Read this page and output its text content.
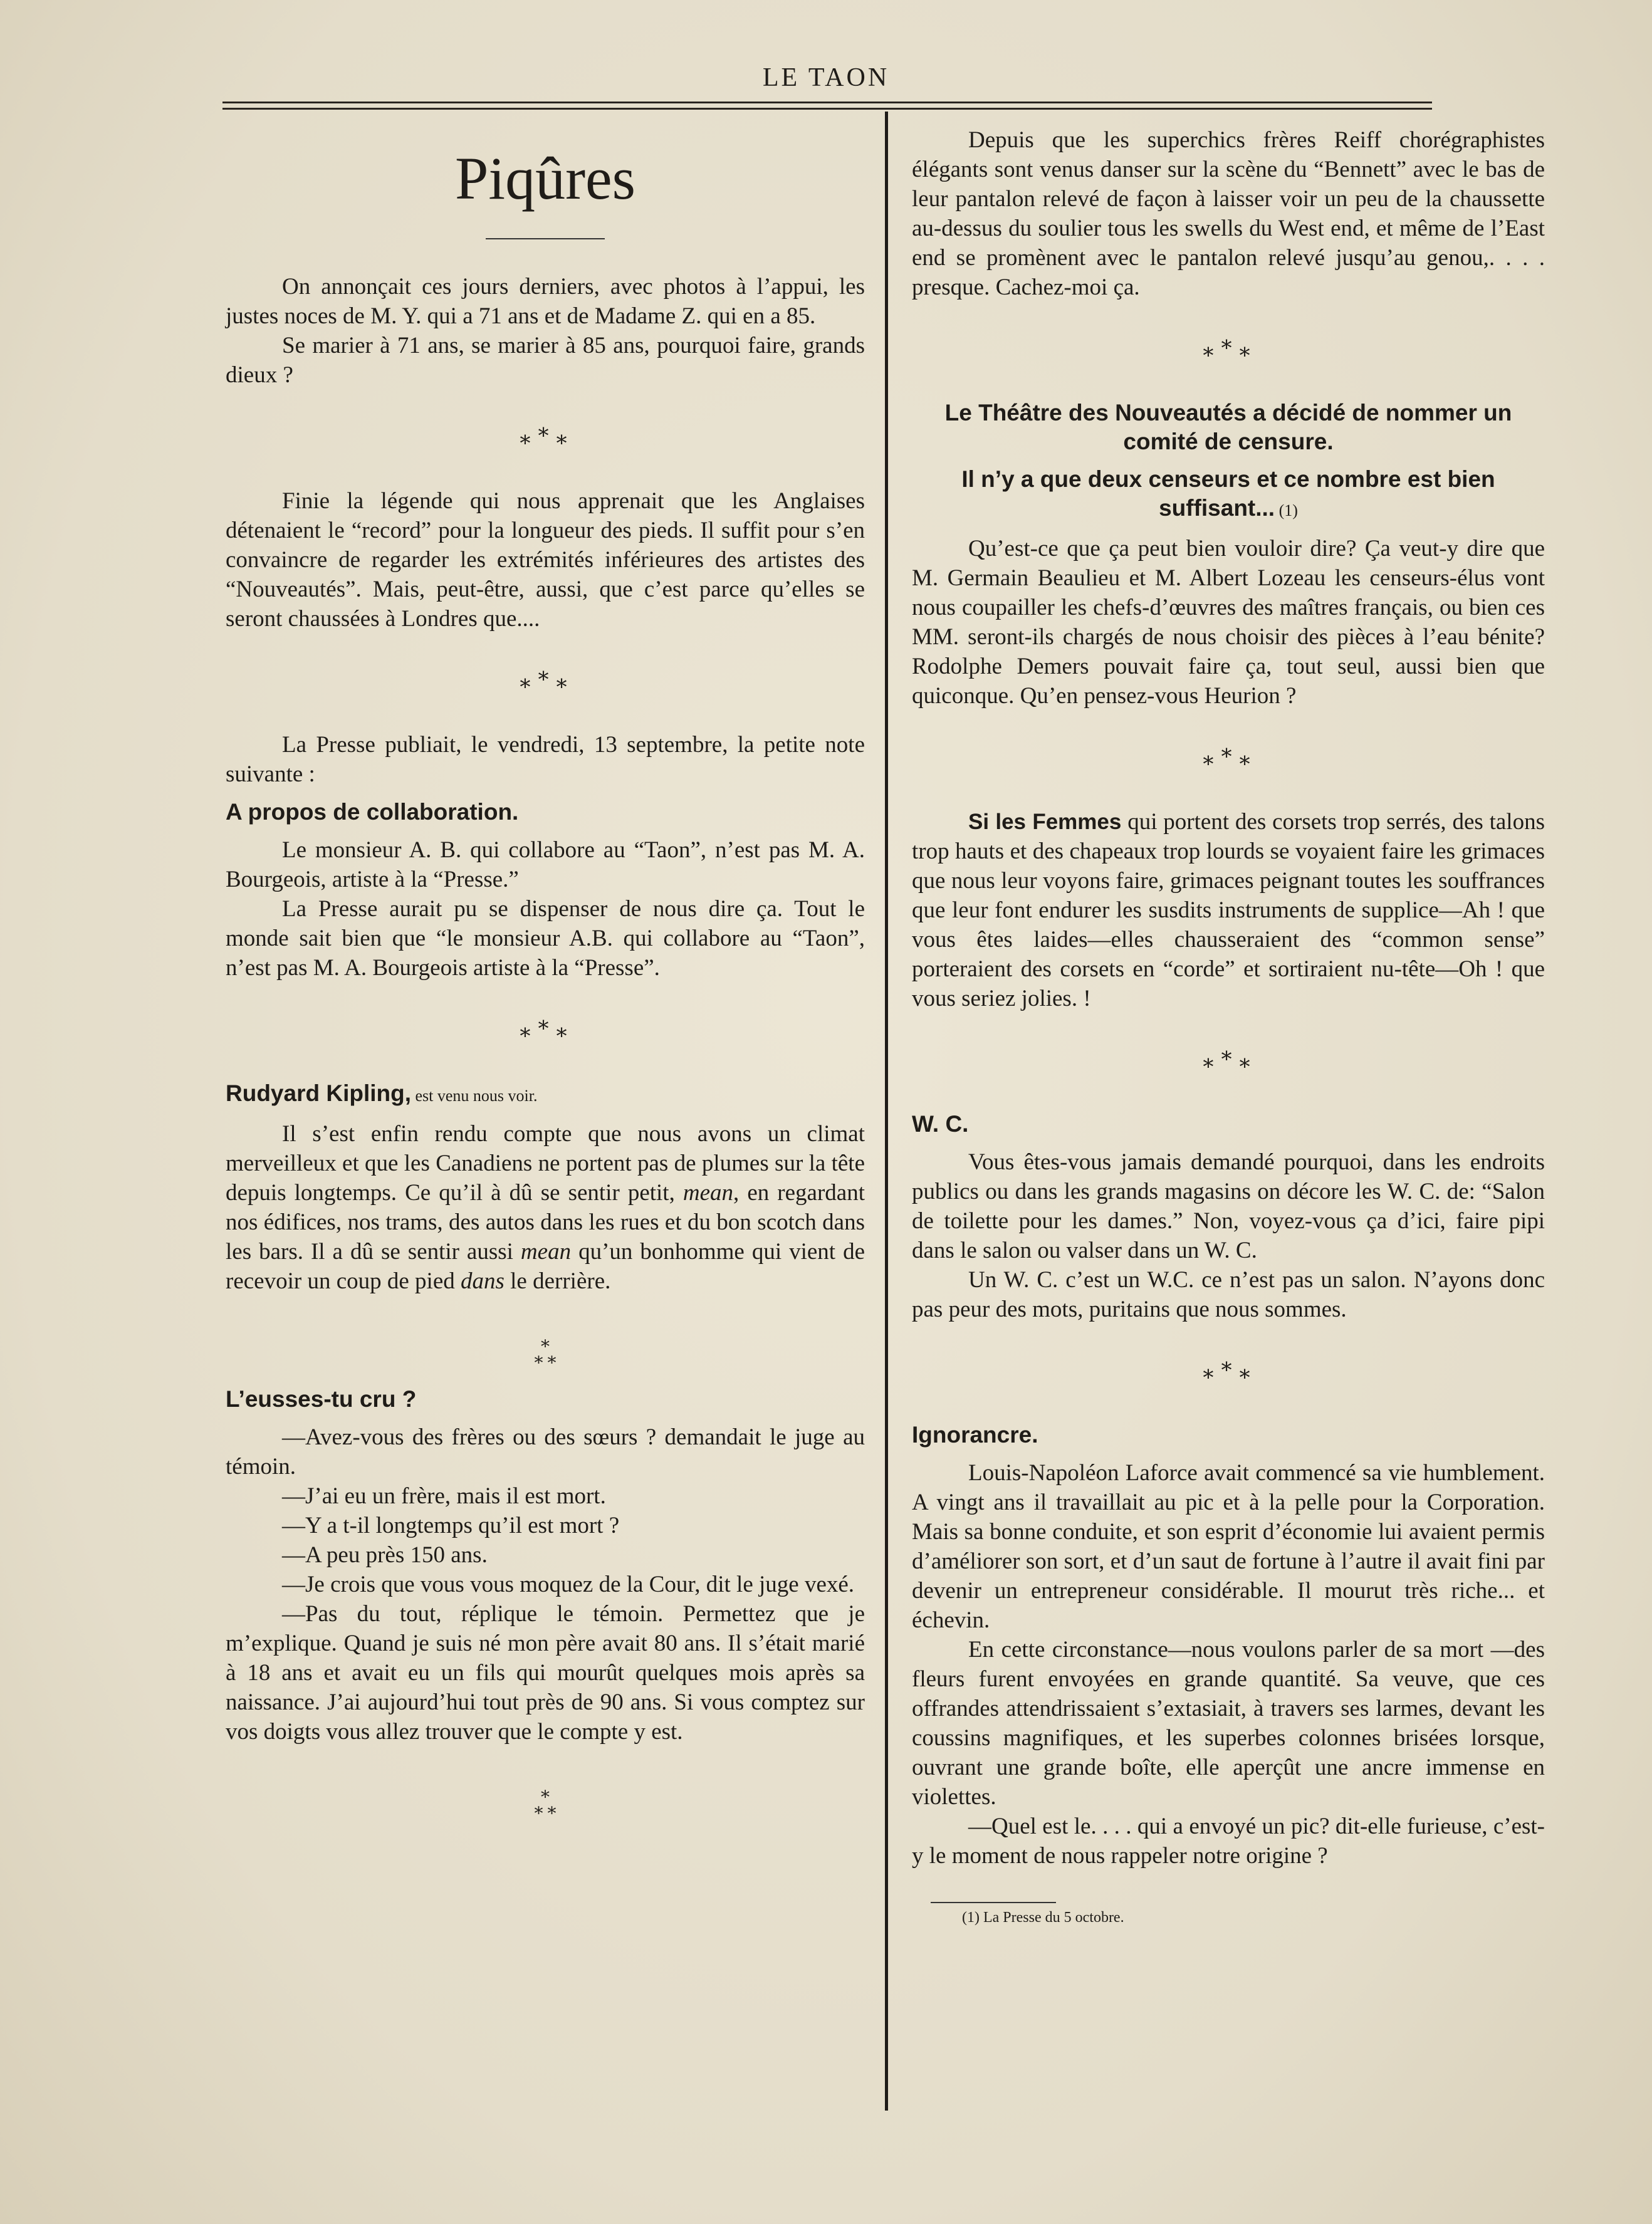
LE TAON
Piqûres

On annonçait ces jours derniers, avec photos à l’appui, les justes noces de M. Y. qui a 71 ans et de Madame Z. qui en a 85.

Se marier à 71 ans, se marier à 85 ans, pourquoi faire, grands dieux ?

∗∗∗

Finie la légende qui nous apprenait que les Anglaises détenaient le “record” pour la longueur des pieds. Il suffit pour s’en convaincre de regarder les extrémités inférieures des artistes des “Nouveautés”. Mais, peut-être, aussi, que c’est parce qu’elles se seront chaussées à Londres que....

∗∗∗

La Presse publiait, le vendredi, 13 septembre, la petite note suivante :

A propos de collaboration.

Le monsieur A. B. qui collabore au “Taon”, n’est pas M. A. Bourgeois, artiste à la “Presse.”

La Presse aurait pu se dispenser de nous dire ça. Tout le monde sait bien que “le monsieur A.B. qui collabore au “Taon”, n’est pas M. A. Bourgeois artiste à la “Presse”.

∗∗∗
Rudyard Kipling, est venu nous voir.

Il s’est enfin rendu compte que nous avons un climat merveilleux et que les Canadiens ne portent pas de plumes sur la tête depuis longtemps. Ce qu’il à dû se sentir petit, mean, en regardant nos édifices, nos trams, des autos dans les rues et du bon scotch dans les bars. Il a dû se sentir aussi mean qu’un bonhomme qui vient de recevoir un coup de pied dans le derrière.

⁎
⁎ ⁎
L’eusses-tu cru ?

—Avez-vous des frères ou des sœurs ? demandait le juge au témoin.

—J’ai eu un frère, mais il est mort.

—Y a t-il longtemps qu’il est mort ?

—A peu près 150 ans.

—Je crois que vous vous moquez de la Cour, dit le juge vexé.

—Pas du tout, réplique le témoin. Permettez que je m’explique. Quand je suis né mon père avait 80 ans. Il s’était marié à 18 ans et avait eu un fils qui mourût quelques mois après sa naissance. J’ai aujourd’hui tout près de 90 ans. Si vous comptez sur vos doigts vous allez trouver que le compte y est.

⁎
⁎ ⁎

Depuis que les superchics frères Reiff chorégraphistes élégants sont venus danser sur la scène du “Bennett” avec le bas de leur pantalon relevé de façon à laisser voir un peu de la chaussette au-dessus du soulier tous les swells du West end, et même de l’East end se promènent avec le pantalon relevé jusqu’au genou,. . . . presque. Cachez-moi ça.

∗∗∗
Le Théâtre des Nouveautés a décidé de nommer un comité de censure.
Il n’y a que deux censeurs et ce nombre est bien suffisant... (1)

Qu’est-ce que ça peut bien vouloir dire? Ça veut-y dire que M. Germain Beaulieu et M. Albert Lozeau les censeurs-élus vont nous coupailler les chefs-d’œuvres des maîtres français, ou bien ces MM. seront-ils chargés de nous choisir des pièces à l’eau bénite? Rodolphe Demers pouvait faire ça, tout seul, aussi bien que quiconque. Qu’en pensez-vous Heurion ?

∗∗∗

Si les Femmes qui portent des corsets trop serrés, des talons trop hauts et des chapeaux trop lourds se voyaient faire les grimaces que nous leur voyons faire, grimaces peignant toutes les souffrances que leur font endurer les susdits instruments de supplice—Ah ! que vous êtes laides—elles chausseraient des “common sense” porteraient des corsets en “corde” et sortiraient nu-tête—Oh ! que vous seriez jolies. !

∗∗∗
W. C.

Vous êtes-vous jamais demandé pourquoi, dans les endroits publics ou dans les grands magasins on décore les W. C. de: “Salon de toilette pour les dames.” Non, voyez-vous ça d’ici, faire pipi dans le salon ou valser dans un W. C.

Un W. C. c’est un W.C. ce n’est pas un salon. N’ayons donc pas peur des mots, puritains que nous sommes.

∗∗∗
Ignorancre.

Louis-Napoléon Laforce avait commencé sa vie humblement. A vingt ans il travaillait au pic et à la pelle pour la Corporation. Mais sa bonne conduite, et son esprit d’économie lui avaient permis d’améliorer son sort, et d’un saut de fortune à l’autre il avait fini par devenir un entrepreneur considérable. Il mourut très riche... et échevin.

En cette circonstance—nous voulons parler de sa mort —des fleurs furent envoyées en grande quantité. Sa veuve, que ces offrandes attendrissaient s’extasiait, à travers ses larmes, devant les coussins magnifiques, et les superbes colonnes brisées lorsque, ouvrant une grande boîte, elle aperçût une ancre immense en violettes.

—Quel est le. . . . qui a envoyé un pic? dit-elle furieuse, c’est-y le moment de nous rappeler notre origine ?

(1) La Presse du 5 octobre.
